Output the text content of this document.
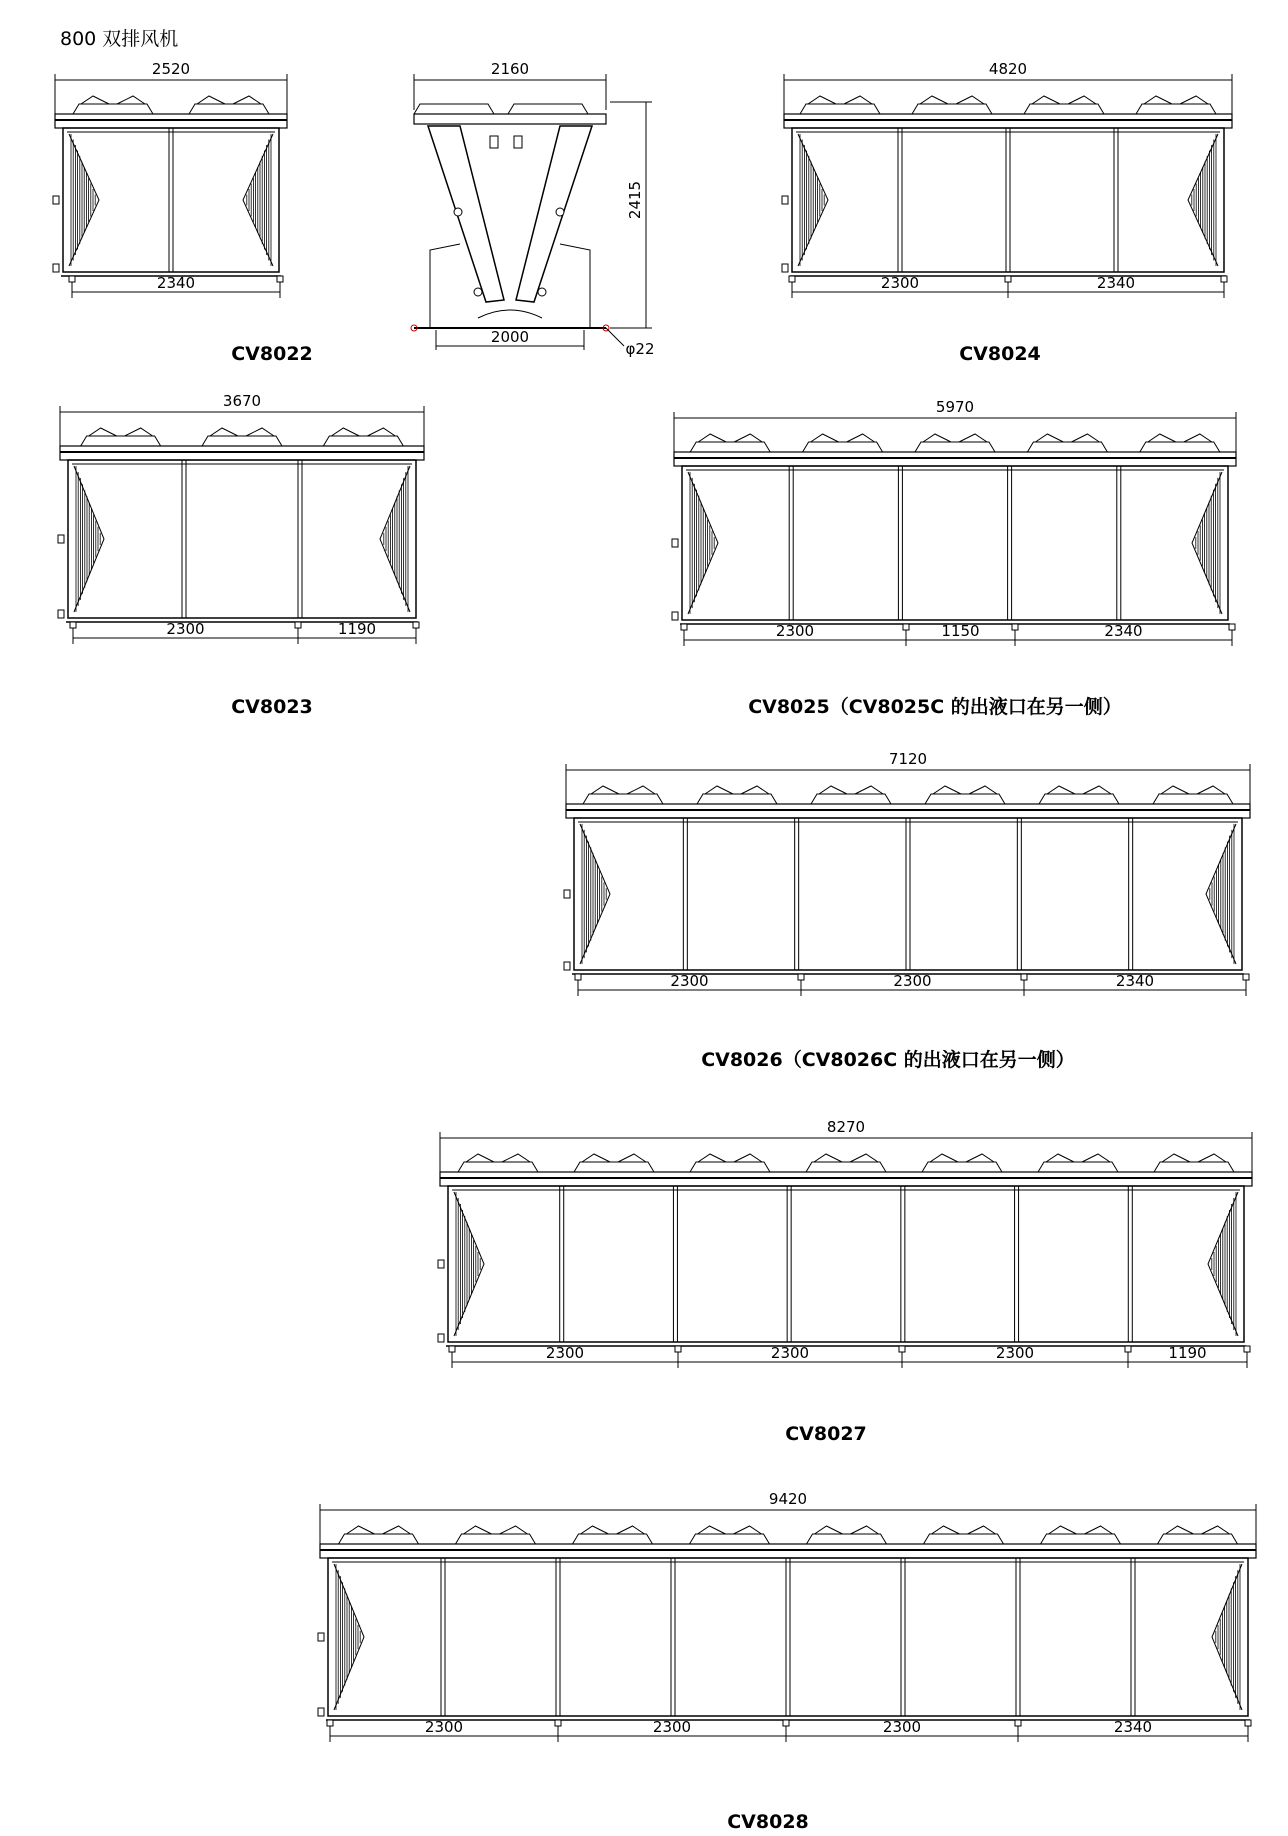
800 双排风机
2520
2340
CV8022
4820
2300	2340
CV8024
3670
2300	1190
CV8023
5970
2300	1150	2340
CV8025（CV8025C 的出液口在另一侧）
7120
2300	2300	2340
CV8026（CV8026C 的出液口在另一侧）
8270
2300	2300	2300	1190
CV8027
9420
2300	2300	2300	2340
CV8028
2160
2000
φ22
2415
